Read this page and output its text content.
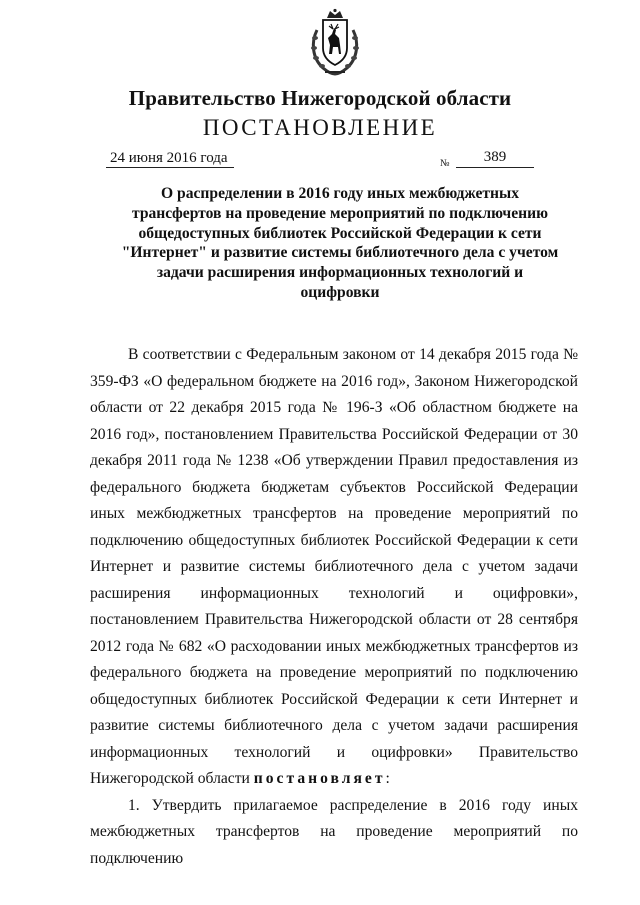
Правительство Нижегородской области
ПОСТАНОВЛЕНИЕ
24 июня 2016 года	№	389
О распределении в 2016 году иных межбюджетных
трансфертов на проведение мероприятий по подключению
общедоступных библиотек Российской Федерации к сети
"Интернет" и развитие системы библиотечного дела с учетом
задачи расширения информационных технологий и
оцифровки

В соответствии с Федеральным законом от 14 декабря 2015 года № 359-ФЗ «О федеральном бюджете на 2016 год», Законом Нижегородской области от 22 декабря 2015 года № 196-З «Об областном бюджете на 2016 год», постановлением Правительства Российской Федерации от 30 декабря 2011 года № 1238 «Об утверждении Правил предоставления из федерального бюджета бюджетам субъектов Российской Федерации иных межбюджетных трансфертов на проведение мероприятий по подключению общедоступных библиотек Российской Федерации к сети Интернет и развитие системы библиотечного дела с учетом задачи расширения информационных технологий и оцифровки», постановлением Правительства Нижегородской области от 28 сентября 2012 года № 682 «О расходовании иных межбюджетных трансфертов из федерального бюджета на проведение мероприятий по подключению общедоступных библиотек Российской Федерации к сети Интернет и развитие системы библиотечного дела с учетом задачи расширения информационных технологий и оцифровки» Правительство Нижегородской области постановляет:

1. Утвердить прилагаемое распределение в 2016 году иных межбюджетных трансфертов на проведение мероприятий по подключению
